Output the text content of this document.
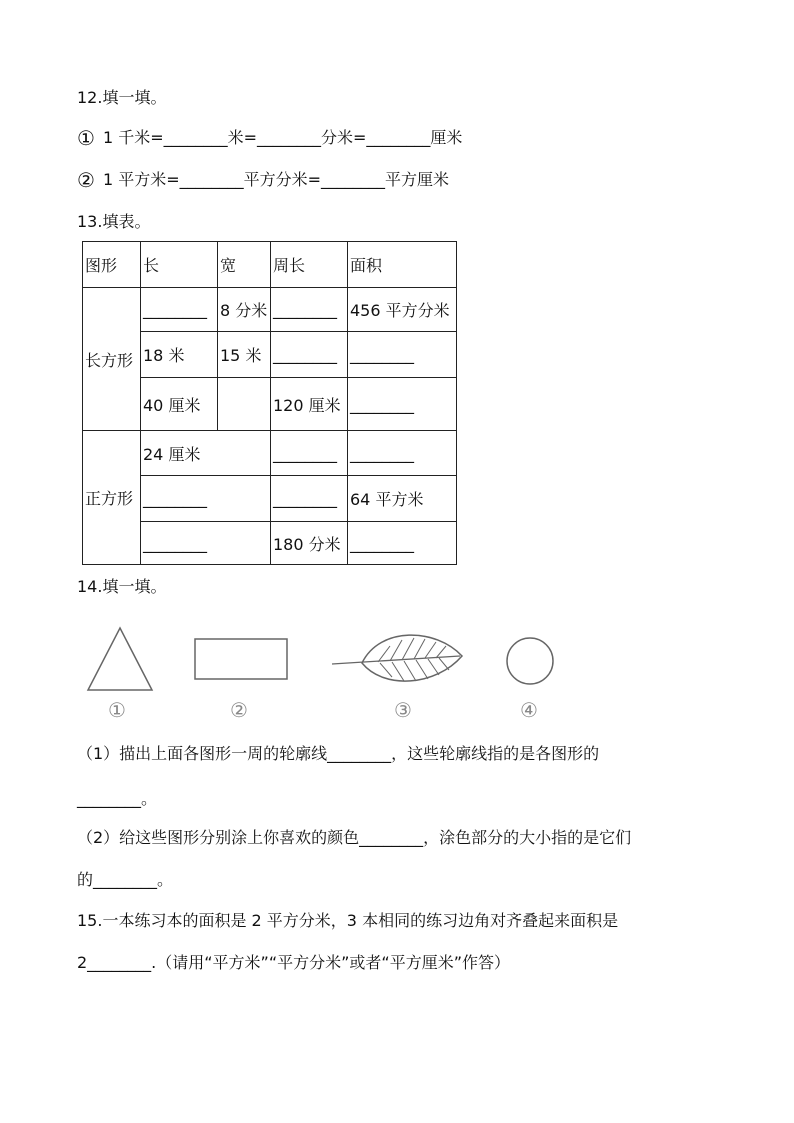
12.填一填。
① 1 千米=________米=________分米=________厘米
② 1 平方米=________平方分米=________平方厘米
13.填表。
图形	长	宽	周长	面积
长方形	________	8 分米	________	456 平方分米
	18 米	15 米	________	________
	40 厘米		120 厘米	________
正方形	24 厘米		________	________
	________		________	64 平方米
	________		180 分米	________
14.填一填。
①	②	③	④
（1）描出上面各图形一周的轮廓线________，这些轮廓线指的是各图形的
________。
（2）给这些图形分别涂上你喜欢的颜色________，涂色部分的大小指的是它们
的________。
15.一本练习本的面积是 2 平方分米，3 本相同的练习边角对齐叠起来面积是
2________.（请用“平方米”“平方分米”或者“平方厘米”作答）
